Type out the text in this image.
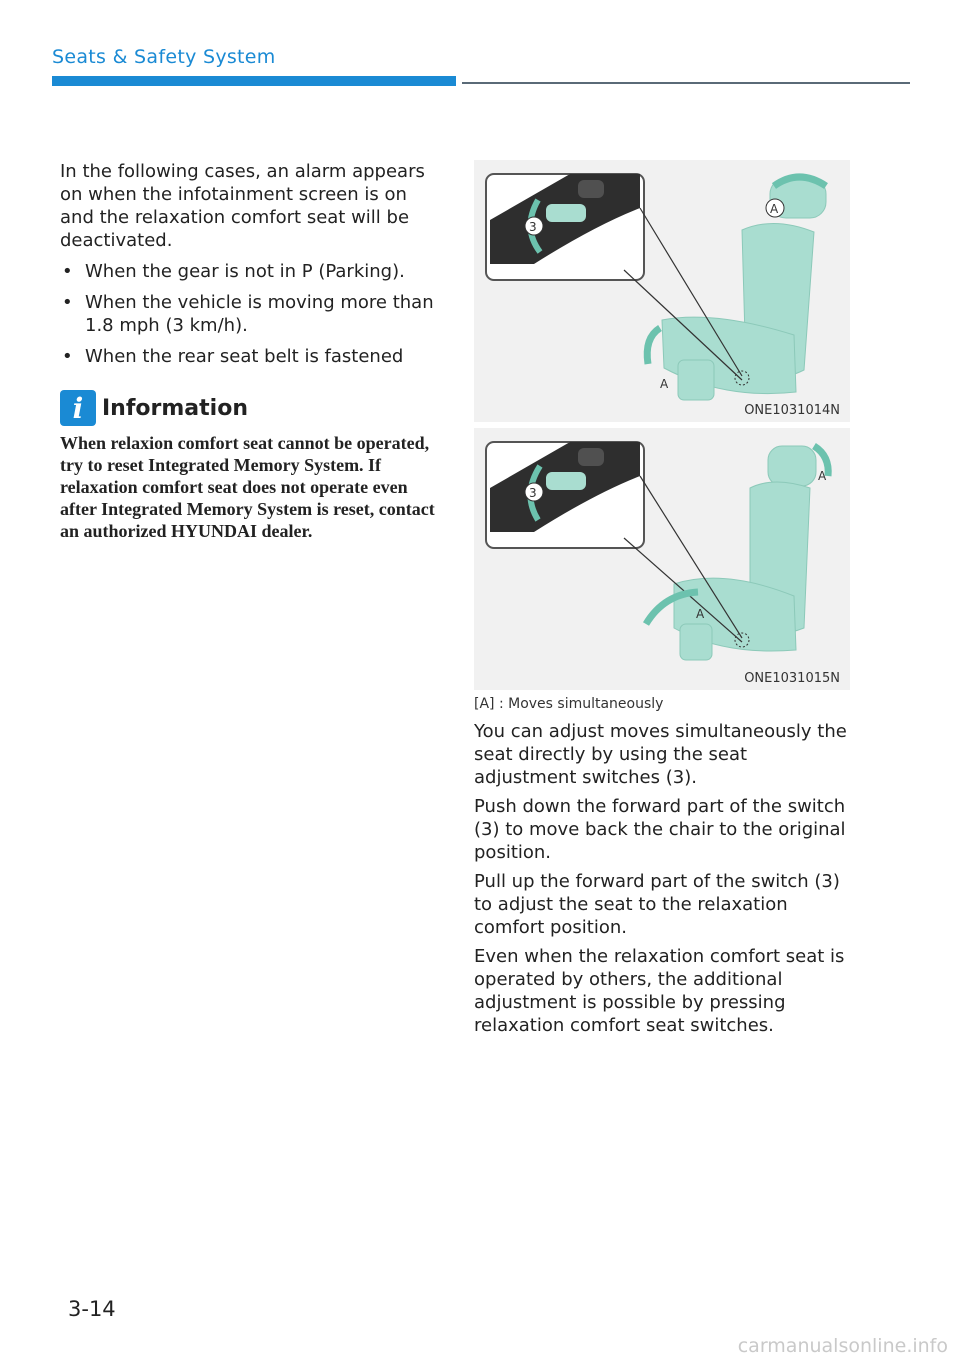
Seats & Safety System

In the following cases, an alarm appears on when the infotainment screen is on and the relaxation comfort seat will be deactivated.

• When the gear is not in P (Parking).
• When the vehicle is moving more than 1.8 mph (3 km/h).
• When the rear seat belt is fastened
i Information
When relaxion comfort seat cannot be operated, try to reset Integrated Memory System. If relaxation comfort seat does not operate even after Integrated Memory System is reset, contact an authorized HYUNDAI dealer.
3
A
A
ONE1031014N
3
A
A
ONE1031015N
[A] : Moves simultaneously

You can adjust moves simultaneously the seat directly by using the seat adjustment switches (3).

Push down the forward part of the switch (3) to move back the chair to the original position.

Pull up the forward part of the switch (3) to adjust the seat to the relaxation comfort position.

Even when the relaxation comfort seat is operated by others, the additional adjustment is possible by pressing relaxation comfort seat switches.

3-14
carmanualsonline.info
